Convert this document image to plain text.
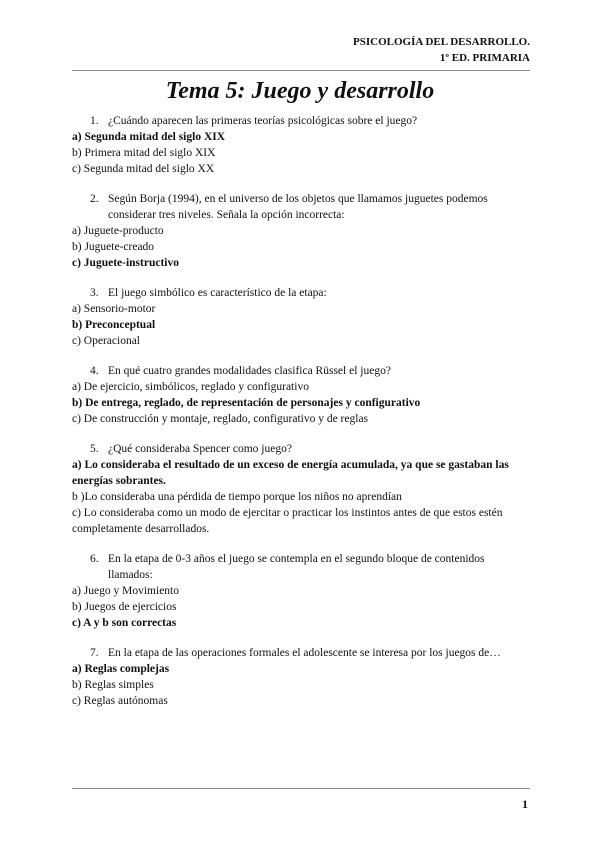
PSICOLOGÍA DEL DESARROLLO.
1º ED. PRIMARIA
Tema 5: Juego y desarrollo
1. ¿Cuándo aparecen las primeras teorías psicológicas sobre el juego?
a) Segunda mitad del siglo XIX
b) Primera mitad del siglo XIX
c) Segunda mitad del siglo XX
2. Según Borja (1994), en el universo de los objetos que llamamos juguetes podemos considerar tres niveles. Señala la opción incorrecta:
a) Juguete-producto
b) Juguete-creado
c) Juguete-instructivo
3. El juego simbólico es característico de la etapa:
a) Sensorio-motor
b) Preconceptual
c) Operacional
4. En qué cuatro grandes modalidades clasifica Rüssel el juego?
a) De ejercicio, simbólicos, reglado y configurativo
b) De entrega, reglado, de representación de personajes y configurativo
c) De construcción y montaje, reglado, configurativo y de reglas
5. ¿Qué consideraba Spencer como juego?
a) Lo consideraba el resultado de un exceso de energía acumulada, ya que se gastaban las energías sobrantes.
b )Lo consideraba una pérdida de tiempo porque los niños no aprendían
c) Lo consideraba como un modo de ejercitar o practicar los instintos antes de que estos estén completamente desarrollados.
6. En la etapa de 0-3 años el juego se contempla en el segundo bloque de contenidos llamados:
a) Juego y Movimiento
b) Juegos de ejercicios
c) A y b son correctas
7. En la etapa de las operaciones formales el adolescente se interesa por los juegos de…
a) Reglas complejas
b) Reglas simples
c) Reglas autónomas
1
